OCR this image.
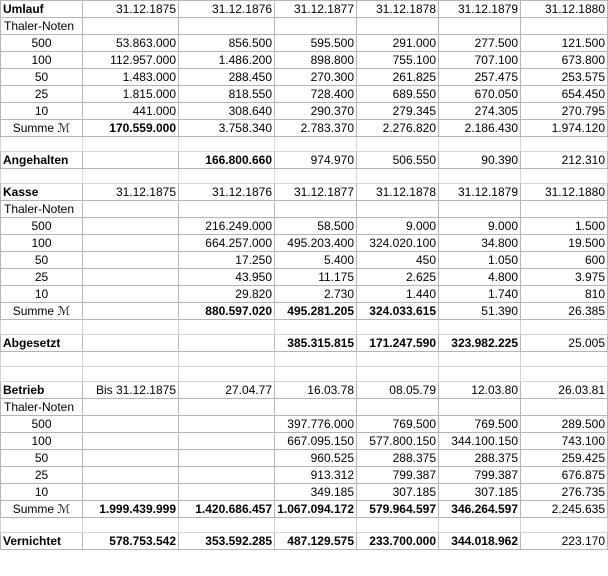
Umlauf	31.12.1875	31.12.1876	31.12.1877	31.12.1878	31.12.1879	31.12.1880
Thaler-Noten						
500	53.863.000	856.500	595.500	291.000	277.500	121.500
100	112.957.000	1.486.200	898.800	755.100	707.100	673.800
50	1.483.000	288.450	270.300	261.825	257.475	253.575
25	1.815.000	818.550	728.400	689.550	670.050	654.450
10	441.000	308.640	290.370	279.345	274.305	270.795
Summe ℳ	170.559.000	3.758.340	2.783.370	2.276.820	2.186.430	1.974.120

Angehalten		166.800.660	974.970	506.550	90.390	212.310

Kasse	31.12.1875	31.12.1876	31.12.1877	31.12.1878	31.12.1879	31.12.1880
Thaler-Noten						
500		216.249.000	58.500	9.000	9.000	1.500
100		664.257.000	495.203.400	324.020.100	34.800	19.500
50		17.250	5.400	450	1.050	600
25		43.950	11.175	2.625	4.800	3.975
10		29.820	2.730	1.440	1.740	810
Summe ℳ		880.597.020	495.281.205	324.033.615	51.390	26.385

Abgesetzt			385.315.815	171.247.590	323.982.225	25.005

Betrieb	Bis 31.12.1875	27.04.77	16.03.78	08.05.79	12.03.80	26.03.81
Thaler-Noten						
500			397.776.000	769.500	769.500	289.500
100			667.095.150	577.800.150	344.100.150	743.100
50			960.525	288.375	288.375	259.425
25			913.312	799.387	799.387	676.875
10			349.185	307.185	307.185	276.735
Summe ℳ	1.999.439.999	1.420.686.457	1.067.094.172	579.964.597	346.264.597	2.245.635

Vernichtet	578.753.542	353.592.285	487.129.575	233.700.000	344.018.962	223.170
